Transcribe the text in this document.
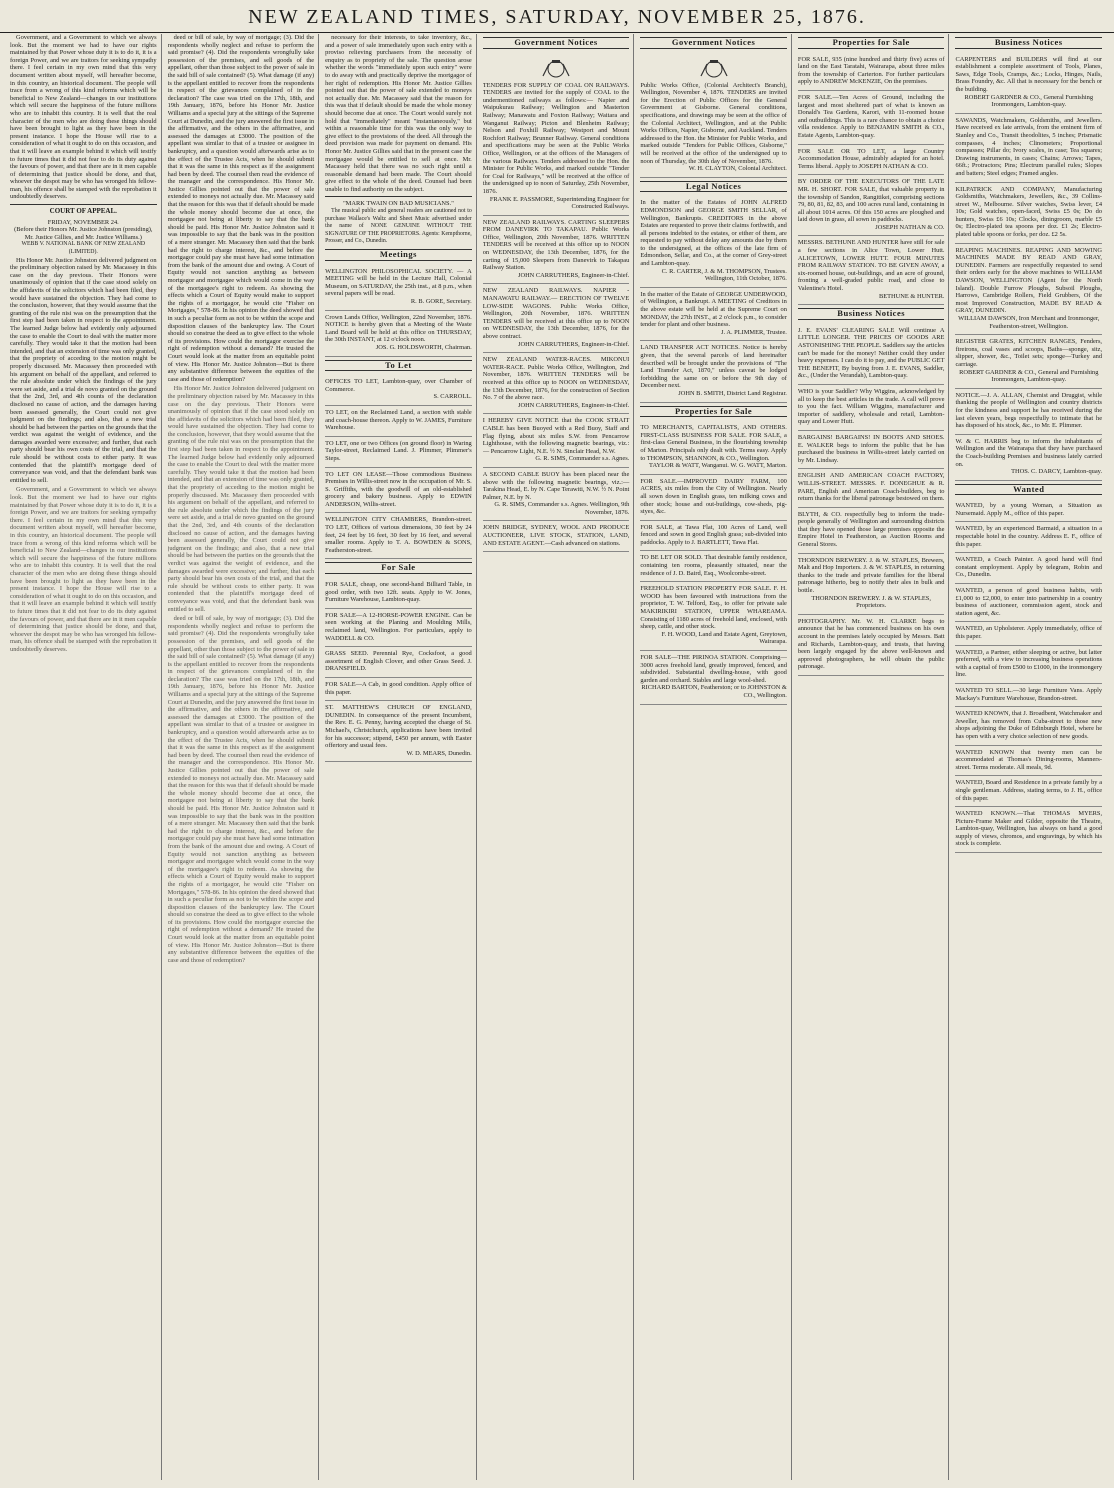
NEW ZEALAND TIMES, SATURDAY, NOVEMBER 25, 1876.

Government, and a Government to which we always look. But the moment we had to have our rights maintained by that Power whose duty it is to do it, it is a foreign Power, and we are traitors for seeking sympathy there. I feel certain in my own mind that this very document written about myself, will hereafter become, in this country, an historical document. The people will trace from a wrong of this kind reforms which will be beneficial to New Zealand—changes in our institutions which will secure the happiness of the future millions who are to inhabit this country. It is well that the real character of the men who are doing these things should have been brought to light as they have been in the present instance. I hope the House will rise to a consideration of what it ought to do on this occasion, and that it will leave an example behind it which will testify to future times that it did not fear to do its duty against the favours of power, and that there are in it men capable of determining that justice should be done, and that, whoever the despot may be who has wronged his fellow-man, his offence shall be stamped with the reprobation it undoubtedly deserves.

COURT OF APPEAL.
FRIDAY, NOVEMBER 24.
(Before their Honors Mr. Justice Johnston (presiding), Mr. Justice Gillies, and Mr. Justice Williams.)
WEBB V. NATIONAL BANK OF NEW ZEALAND (LIMITED).

His Honor Mr. Justice Johnston delivered judgment on the preliminary objection raised by Mr. Macassey in this case on the day previous. Their Honors were unanimously of opinion that if the case stood solely on the affidavits of the solicitors which had been filed, they would have sustained the objection. They had come to the conclusion, however, that they would assume that the granting of the rule nisi was on the presumption that the first step had been taken in respect to the appointment. The learned Judge below had evidently only adjourned the case to enable the Court to deal with the matter more carefully. They would take it that the motion had been intended, and that an extension of time was only granted, that the propriety of acceding to the motion might be properly discussed. Mr. Macassey then proceeded with his argument on behalf of the appellant, and referred to the rule absolute under which the findings of the jury were set aside, and a trial de novo granted on the ground that the 2nd, 3rd, and 4th counts of the declaration disclosed no cause of action, and the damages having been assessed generally, the Court could not give judgment on the findings; and also, that a new trial should be had between the parties on the grounds that the verdict was against the weight of evidence, and the damages awarded were excessive; and further, that each party should bear his own costs of the trial, and that the rule should be without costs to either party. It was contended that the plaintiff's mortgage deed of conveyance was void, and that the defendant bank was entitled to sell.

Government, and a Government to which we always look. But the moment we had to have our rights maintained by that Power whose duty it is to do it, it is a foreign Power, and we are traitors for seeking sympathy there. I feel certain in my own mind that this very document written about myself, will hereafter become, in this country, an historical document. The people will trace from a wrong of this kind reforms which will be beneficial to New Zealand—changes in our institutions which will secure the happiness of the future millions who are to inhabit this country. It is well that the real character of the men who are doing these things should have been brought to light as they have been in the present instance. I hope the House will rise to a consideration of what it ought to do on this occasion, and that it will leave an example behind it which will testify to future times that it did not fear to do its duty against the favours of power, and that there are in it men capable of determining that justice should be done, and that, whoever the despot may be who has wronged his fellow-man, his offence shall be stamped with the reprobation it undoubtedly deserves.

deed or bill of sale, by way of mortgage; (3). Did the respondents wholly neglect and refuse to perform the said promise? (4). Did the respondents wrongfully take possession of the premises, and sell goods of the appellant, other than those subject to the power of sale in the said bill of sale contained? (5). What damage (if any) is the appellant entitled to recover from the respondents in respect of the grievances complained of in the declaration? The case was tried on the 17th, 18th, and 19th January, 1876, before his Honor Mr. Justice Williams and a special jury at the sittings of the Supreme Court at Dunedin, and the jury answered the first issue in the affirmative, and the others in the affirmative, and assessed the damages at £3000. The position of the appellant was similar to that of a trustee or assignee in bankruptcy, and a question would afterwards arise as to the effect of the Trustee Acts, when he should submit that it was the same in this respect as if the assignment had been by deed. The counsel then read the evidence of the manager and the correspondence. His Honor Mr. Justice Gillies pointed out that the power of sale extended to moneys not actually due. Mr. Macassey said that the reason for this was that if default should be made the whole money should become due at once, the mortgagee not being at liberty to say that the bank should be paid. His Honor Mr. Justice Johnston said it was impossible to say that the bank was in the position of a mere stranger. Mr. Macassey then said that the bank had the right to charge interest, &c., and before the mortgagor could pay she must have had some intimation from the bank of the amount due and owing. A Court of Equity would not sanction anything as between mortgagor and mortgagee which would come in the way of the mortgagee's right to redeem. As showing the effects which a Court of Equity would make to support the rights of a mortgagor, he would cite "Fisher on Mortgages," 578-86. In his opinion the deed showed that in such a peculiar form as not to be within the scope and disposition clauses of the bankruptcy law. The Court should so construe the deed as to give effect to the whole of its provisions. How could the mortgagor exercise the right of redemption without a demand? He trusted the Court would look at the matter from an equitable point of view. His Honor Mr. Justice Johnston—But is there any substantive difference between the equities of the case and those of redemption?

His Honor Mr. Justice Johnston delivered judgment on the preliminary objection raised by Mr. Macassey in this case on the day previous. Their Honors were unanimously of opinion that if the case stood solely on the affidavits of the solicitors which had been filed, they would have sustained the objection. They had come to the conclusion, however, that they would assume that the granting of the rule nisi was on the presumption that the first step had been taken in respect to the appointment. The learned Judge below had evidently only adjourned the case to enable the Court to deal with the matter more carefully. They would take it that the motion had been intended, and that an extension of time was only granted, that the propriety of acceding to the motion might be properly discussed. Mr. Macassey then proceeded with his argument on behalf of the appellant, and referred to the rule absolute under which the findings of the jury were set aside, and a trial de novo granted on the ground that the 2nd, 3rd, and 4th counts of the declaration disclosed no cause of action, and the damages having been assessed generally, the Court could not give judgment on the findings; and also, that a new trial should be had between the parties on the grounds that the verdict was against the weight of evidence, and the damages awarded were excessive; and further, that each party should bear his own costs of the trial, and that the rule should be without costs to either party. It was contended that the plaintiff's mortgage deed of conveyance was void, and that the defendant bank was entitled to sell.

deed or bill of sale, by way of mortgage; (3). Did the respondents wholly neglect and refuse to perform the said promise? (4). Did the respondents wrongfully take possession of the premises, and sell goods of the appellant, other than those subject to the power of sale in the said bill of sale contained? (5). What damage (if any) is the appellant entitled to recover from the respondents in respect of the grievances complained of in the declaration? The case was tried on the 17th, 18th, and 19th January, 1876, before his Honor Mr. Justice Williams and a special jury at the sittings of the Supreme Court at Dunedin, and the jury answered the first issue in the affirmative, and the others in the affirmative, and assessed the damages at £3000. The position of the appellant was similar to that of a trustee or assignee in bankruptcy, and a question would afterwards arise as to the effect of the Trustee Acts, when he should submit that it was the same in this respect as if the assignment had been by deed. The counsel then read the evidence of the manager and the correspondence. His Honor Mr. Justice Gillies pointed out that the power of sale extended to moneys not actually due. Mr. Macassey said that the reason for this was that if default should be made the whole money should become due at once, the mortgagee not being at liberty to say that the bank should be paid. His Honor Mr. Justice Johnston said it was impossible to say that the bank was in the position of a mere stranger. Mr. Macassey then said that the bank had the right to charge interest, &c., and before the mortgagor could pay she must have had some intimation from the bank of the amount due and owing. A Court of Equity would not sanction anything as between mortgagor and mortgagee which would come in the way of the mortgagee's right to redeem. As showing the effects which a Court of Equity would make to support the rights of a mortgagor, he would cite "Fisher on Mortgages," 578-86. In his opinion the deed showed that in such a peculiar form as not to be within the scope and disposition clauses of the bankruptcy law. The Court should so construe the deed as to give effect to the whole of its provisions. How could the mortgagor exercise the right of redemption without a demand? He trusted the Court would look at the matter from an equitable point of view. His Honor Mr. Justice Johnston—But is there any substantive difference between the equities of the case and those of redemption?

necessary for their interests, to take inventory, &c., and a power of sale immediately upon such entry with a proviso relieving purchasers from the necessity of enquiry as to propriety of the sale. The question arose whether the words "immediately upon such entry" were to do away with and practically deprive the mortgagor of her right of redemption. His Honor Mr. Justice Gillies pointed out that the power of sale extended to moneys not actually due. Mr. Macassey said that the reason for this was that if default should be made the whole money should become due at once. The Court would surely not hold that "immediately" meant "instantaneously," but within a reasonable time for this was the only way to give effect to the provisions of the deed. All through the deed provision was made for payment on demand. His Honor Mr. Justice Gillies said that in the present case the mortgagee would be entitled to sell at once. Mr. Macassey held that there was no such right until a reasonable demand had been made. The Court should give effect to the whole of the deed. Counsel had been unable to find authority on the subject.

"MARK TWAIN ON BAD MUSICIANS."

The musical public and general readers are cautioned not to purchase Wallace's Waltz and Sheet Music advertised under the name of NONE GENUINE WITHOUT THE SIGNATURE OF THE PROPRIETORS. Agents: Kempthorne, Prosser, and Co., Dunedin.

Meetings
WELLINGTON PHILOSOPHICAL SOCIETY. — A MEETING will be held in the Lecture Hall, Colonial Museum, on SATURDAY, the 25th inst., at 8 p.m., when several papers will be read.
R. B. GORE, Secretary.
Crown Lands Office, Wellington, 22nd November, 1876. NOTICE is hereby given that a Meeting of the Waste Land Board will be held at this office on THURSDAY, the 30th INSTANT, at 12 o'clock noon.
JOS. G. HOLDSWORTH, Chairman.
To Let
OFFICES TO LET, Lambton-quay, over Chamber of Commerce.
S. CARROLL.
TO LET, on the Reclaimed Land, a section with stable and coach-house thereon. Apply to W. JAMES, Furniture Warehouse.
TO LET, one or two Offices (on ground floor) in Waring Taylor-street, Reclaimed Land. J. Plimmer, Plimmer's Steps.
TO LET ON LEASE—Those commodious Business Premises in Willis-street now in the occupation of Mr. S. S. Griffiths, with the goodwill of an old-established grocery and bakery business. Apply to EDWIN ANDERSON, Willis-street.
WELLINGTON CITY CHAMBERS, Brandon-street. TO LET, Offices of various dimensions, 30 feet by 24 feet, 24 feet by 16 feet, 30 feet by 16 feet, and several smaller rooms. Apply to T. A. BOWDEN & SONS, Featherston-street.
For Sale
FOR SALE, cheap, one second-hand Billiard Table, in good order, with two 12ft. seats. Apply to W. Jones, Furniture Warehouse, Lambton-quay.
FOR SALE—A 12-HORSE-POWER ENGINE. Can be seen working at the Planing and Moulding Mills, reclaimed land, Wellington. For particulars, apply to WADDELL & CO.
GRASS SEED. Perennial Rye, Cocksfoot, a good assortment of English Clover, and other Grass Seed. J. DRANSFIELD.
FOR SALE—A Cab, in good condition. Apply office of this paper.
ST. MATTHEW'S CHURCH OF ENGLAND, DUNEDIN. In consequence of the present Incumbent, the Rev. E. G. Penny, having accepted the charge of St. Michael's, Christchurch, applications have been invited for his successor; stipend, £450 per annum, with Easter offertory and usual fees.
W. D. MEARS, Dunedin.
Government Notices
TENDERS FOR SUPPLY OF COAL ON RAILWAYS. TENDERS are invited for the supply of COAL to the undermentioned railways as follows:— Napier and Waipukurau Railway; Wellington and Masterton Railway; Manawatu and Foxton Railway; Waitara and Wanganui Railway; Picton and Blenheim Railway; Nelson and Foxhill Railway; Westport and Mount Rochfort Railway; Brunner Railway. General conditions and specifications may be seen at the Public Works Office, Wellington, or at the offices of the Managers of the various Railways. Tenders addressed to the Hon. the Minister for Public Works, and marked outside "Tender for Coal for Railways," will be received at the office of the undersigned up to noon of Saturday, 25th November, 1876.
FRANK E. PASSMORE, Superintending Engineer for Constructed Railways.
NEW ZEALAND RAILWAYS. CARTING SLEEPERS FROM DANEVIRK TO TAKAPAU. Public Works Office, Wellington, 20th November, 1876. WRITTEN TENDERS will be received at this office up to NOON on WEDNESDAY, the 13th December, 1876, for the carting of 15,000 Sleepers from Danevirk to Takapau Railway Station.
JOHN CARRUTHERS, Engineer-in-Chief.
NEW ZEALAND RAILWAYS. NAPIER - MANAWATU RAILWAY.— ERECTION OF TWELVE LOW-SIDE WAGONS. Public Works Office, Wellington, 20th November, 1876. WRITTEN TENDERS will be received at this office up to NOON on WEDNESDAY, the 13th December, 1876, for the above contract.
JOHN CARRUTHERS, Engineer-in-Chief.
NEW ZEALAND WATER-RACES. MIKONUI WATER-RACE. Public Works Office, Wellington, 2nd November, 1876. WRITTEN TENDERS will be received at this office up to NOON on WEDNESDAY, the 13th December, 1876, for the construction of Section No. 7 of the above race.
JOHN CARRUTHERS, Engineer-in-Chief.
I HEREBY GIVE NOTICE that the COOK STRAIT CABLE has been Buoyed with a Red Buoy, Staff and Flag flying, about six miles S.W. from Pencarrow Lighthouse, with the following magnetic bearings, viz.:— Pencarrow Light, N.E. ½ N. Sinclair Head, N.W.
G. R. SIMS, Commander s.s. Agnes.
A SECOND CABLE BUOY has been placed near the above with the following magnetic bearings, viz.:— Tarakina Head, E. by N. Cape Terawiti, N.W. ½ N. Point Palmer, N.E. by N.
G. R. SIMS, Commander s.s. Agnes. Wellington, 9th November, 1876.
JOHN BRIDGE, SYDNEY, WOOL AND PRODUCE AUCTIONEER, LIVE STOCK, STATION, LAND, AND ESTATE AGENT.—Cash advanced on stations.
Government Notices
Public Works Office, (Colonial Architect's Branch), Wellington, November 4, 1876. TENDERS are invited for the Erection of Public Offices for the General Government at Gisborne. General conditions, specifications, and drawings may be seen at the office of the Colonial Architect, Wellington, and at the Public Works Offices, Napier, Gisborne, and Auckland. Tenders addressed to the Hon. the Minister for Public Works, and marked outside "Tenders for Public Offices, Gisborne," will be received at the office of the undersigned up to noon of Thursday, the 30th day of November, 1876.
W. H. CLAYTON, Colonial Architect.
Legal Notices
In the matter of the Estates of JOHN ALFRED EDMONDSON and GEORGE SMITH SELLAR, of Wellington, Bankrupts. CREDITORS in the above Estates are requested to prove their claims forthwith, and all persons indebted to the estates, or either of them, are requested to pay without delay any amounts due by them to the undersigned, at the offices of the late firm of Edmondson, Sellar, and Co., at the corner of Grey-street and Lambton-quay.
C. R. CARTER, J. & M. THOMPSON, Trustees. Wellington, 11th October, 1876.
In the matter of the Estate of GEORGE UNDERWOOD, of Wellington, a Bankrupt. A MEETING of Creditors in the above estate will be held at the Supreme Court on MONDAY, the 27th INST., at 2 o'clock p.m., to consider tender for plant and other business.
J. A. PLIMMER, Trustee.
LAND TRANSFER ACT NOTICES. Notice is hereby given, that the several parcels of land hereinafter described will be brought under the provisions of "The Land Transfer Act, 1870," unless caveat be lodged forbidding the same on or before the 9th day of December next.
JOHN B. SMITH, District Land Registrar.
Properties for Sale
TO MERCHANTS, CAPITALISTS, AND OTHERS. FIRST-CLASS BUSINESS FOR SALE. FOR SALE, a first-class General Business, in the flourishing township of Marton. Principals only dealt with. Terms easy. Apply to THOMPSON, SHANNON, & CO., Wellington.
TAYLOR & WATT, Wanganui. W. G. WATT, Marton.
FOR SALE.—IMPROVED DAIRY FARM, 100 ACRES, six miles from the City of Wellington. Nearly all sown down in English grass, ten milking cows and other stock; house and out-buildings, cow-sheds, pig-styes, &c.
FOR SALE, at Tawa Flat, 100 Acres of Land, well fenced and sown in good English grass; sub-divided into paddocks. Apply to J. BARTLETT, Tawa Flat.
TO BE LET OR SOLD. That desirable family residence, containing ten rooms, pleasantly situated, near the residence of J. D. Baird, Esq., Woolcombe-street.
FREEHOLD STATION PROPERTY FOR SALE. F. H. WOOD has been favoured with instructions from the proprietor, T. W. Telford, Esq., to offer for private sale MAKIRIKIRI STATION, UPPER WHAREAMA. Consisting of 1180 acres of freehold land, enclosed, with sheep, cattle, and other stock.
F. H. WOOD, Land and Estate Agent, Greytown, Wairarapa.
FOR SALE—THE PIRINOA STATION. Comprising—3000 acres freehold land, greatly improved, fenced, and subdivided. Substantial dwelling-house, with good garden and orchard. Stables and large wool-shed.
RICHARD BARTON, Featherston; or to JOHNSTON & CO., Wellington.
Properties for Sale
FOR SALE, 935 (nine hundred and thirty five) acres of land on the East Taratahi, Wairarapa, about three miles from the township of Carterton. For further particulars apply to ANDREW McKENZIE, On the premises.
FOR SALE.—Ten Acres of Ground, including the largest and most sheltered part of what is known as Donald's Tea Gardens, Karori, with 11-roomed house and outbuildings. This is a rare chance to obtain a choice villa residence. Apply to BENJAMIN SMITH & CO., Estate Agents, Lambton-quay.
FOR SALE OR TO LET, a large Country Accommodation House, admirably adapted for an hotel. Terms liberal. Apply to JOSEPH NATHAN & CO.
BY ORDER OF THE EXECUTORS OF THE LATE MR. H. SHORT. FOR SALE, that valuable property in the township of Sandon, Rangitikei, comprising sections 79, 80, 81, 82, 83, and 100 acres rural land, containing in all about 1014 acres. Of this 150 acres are ploughed and laid down in grass, all sown in paddocks.
JOSEPH NATHAN & CO.
MESSRS. BETHUNE AND HUNTER have still for sale a few sections in Alice Town, Lower Hutt. ALICETOWN, LOWER HUTT. FOUR MINUTES FROM RAILWAY STATION. TO BE GIVEN AWAY, a six-roomed house, out-buildings, and an acre of ground, fronting a well-graded public road, and close to Valentine's Hotel.
BETHUNE & HUNTER.
Business Notices
J. E. EVANS' CLEARING SALE Will continue A LITTLE LONGER. THE PRICES OF GOODS ARE ASTONISHING THE PEOPLE. Saddlers say the articles can't be made for the money! Neither could they under heavy expenses. I can do it to pay, and the PUBLIC GET THE BENEFIT, By buying from J. E. EVANS, Saddler, &c., (Under the Verandah), Lambton-quay.
WHO is your Saddler? Why Wiggins, acknowledged by all to keep the best articles in the trade. A call will prove to you the fact. William Wiggins, manufacturer and importer of saddlery, wholesale and retail, Lambton-quay and Lower Hutt.
BARGAINS! BARGAINS! IN BOOTS AND SHOES. E. WALKER begs to inform the public that he has purchased the business in Willis-street lately carried on by Mr. Lindsay.
ENGLISH AND AMERICAN COACH FACTORY, WILLIS-STREET. MESSRS. F. DONEGHUE & R. PARE, English and American Coach-builders, beg to return thanks for the liberal patronage bestowed on them.
BLYTH, & CO. respectfully beg to inform the trade-people generally of Wellington and surrounding districts that they have opened those large premises opposite the Empire Hotel in Featherston, as Auction Rooms and General Stores.
THORNDON BREWERY. J. & W. STAPLES, Brewers, Malt and Hop Importers. J. & W. STAPLES, in returning thanks to the trade and private families for the liberal patronage hitherto, beg to notify their ales in bulk and bottle.
THORNDON BREWERY. J. & W. STAPLES, Proprietors.
PHOTOGRAPHY. Mr. W. H. CLARKE begs to announce that he has commenced business on his own account in the premises lately occupied by Messrs. Batt and Richards, Lambton-quay, and trusts, that having been largely engaged by the above well-known and approved photographers, he will obtain the public patronage.
Business Notices
CARPENTERS and BUILDERS will find at our establishment a complete assortment of Tools, Planes, Saws, Edge Tools, Cramps, &c.; Locks, Hinges, Nails, Brass Foundry, &c. All that is necessary for the bench or the building.
ROBERT GARDNER & CO., General Furnishing Ironmongers, Lambton-quay.
SAWANDS, Watchmakers, Goldsmiths, and Jewellers. Have received ex late arrivals, from the eminent firm of Stanley and Co., Transit theodolites, 5 inches; Prismatic compasses, 4 inches; Clinometers; Proportional compasses; Pillar do; Ivory scales, in case; Tea squares; Drawing instruments, in cases; Chains; Arrows; Tapes, 66ft.; Protractors; Pins; Electrum parallel rules; Slopes and batters; Steel edges; Framed angles.
KILPATRICK AND COMPANY, Manufacturing Goldsmiths, Watchmakers, Jewellers, &c., 39 Collins-street W., Melbourne. Silver watches, Swiss lever, £4 10s; Gold watches, open-faced, Swiss £5 0s; Do do hunters, Swiss £6 10s; Clocks, diningroom, marble £5 0s; Electro-plated tea spoons per doz. £1 2s; Electro-plated table spoons or forks, per doz. £2 5s.
REAPING MACHINES. REAPING AND MOWING MACHINES MADE BY READ AND GRAY, DUNEDIN. Farmers are respectfully requested to send their orders early for the above machines to WILLIAM DAWSON, WELLINGTON (Agent for the North Island). Double Furrow Ploughs, Subsoil Ploughs, Harrows, Cambridge Rollers, Field Grubbers, Of the most Improved Construction, MADE BY READ & GRAY, DUNEDIN.
WILLIAM DAWSON, Iron Merchant and Ironmonger, Featherston-street, Wellington.
REGISTER GRATES, KITCHEN RANGES, Fenders, fireirons, coal vases and scoops, Baths—sponge, sitz, slipper, shower, &c., Toilet sets; sponge—Turkey and carriage.
ROBERT GARDNER & CO., General and Furnishing Ironmongers, Lambton-quay.
NOTICE.—J. A. ALLAN, Chemist and Druggist, while thanking the people of Wellington and country districts for the kindness and support he has received during the last eleven years, begs respectfully to intimate that he has disposed of his stock, &c., to Mr. E. Plimmer.
W. & C. HARRIS beg to inform the inhabitants of Wellington and the Wairarapa that they have purchased the Coach-building Premises and business lately carried on.
THOS. C. DARCY, Lambton-quay.
Wanted
WANTED, by a young Woman, a Situation as Nursemaid. Apply M., office of this paper.
WANTED, by an experienced Barmaid, a situation in a respectable hotel in the country. Address E. F., office of this paper.
WANTED, a Coach Painter. A good hand will find constant employment. Apply by telegram, Robin and Co., Dunedin.
WANTED, a person of good business habits, with £1,000 to £2,000, to enter into partnership in a country business of auctioneer, commission agent, stock and station agent, &c.
WANTED, an Upholsterer. Apply immediately, office of this paper.
WANTED, a Partner, either sleeping or active, but latter preferred, with a view to increasing business operations with a capital of from £500 to £1000, in the ironmongery line.
WANTED TO SELL.—30 large Furniture Vans. Apply Mackay's Furniture Warehouse, Brandon-street.
WANTED KNOWN, that J. Broadbent, Watchmaker and Jeweller, has removed from Cuba-street to those new shops adjoining the Duke of Edinburgh Hotel, where he has open with a very choice selection of new goods.
WANTED KNOWN that twenty men can be accommodated at Thomas's Dining-rooms, Manners-street. Terms moderate. All meals, 9d.
WANTED, Board and Residence in a private family by a single gentleman. Address, stating terms, to J. H., office of this paper.
WANTED KNOWN.—That THOMAS MYERS, Picture-Frame Maker and Gilder, opposite the Theatre, Lambton-quay, Wellington, has always on hand a good supply of views, chromos, and engravings, by which his stock is complete.
